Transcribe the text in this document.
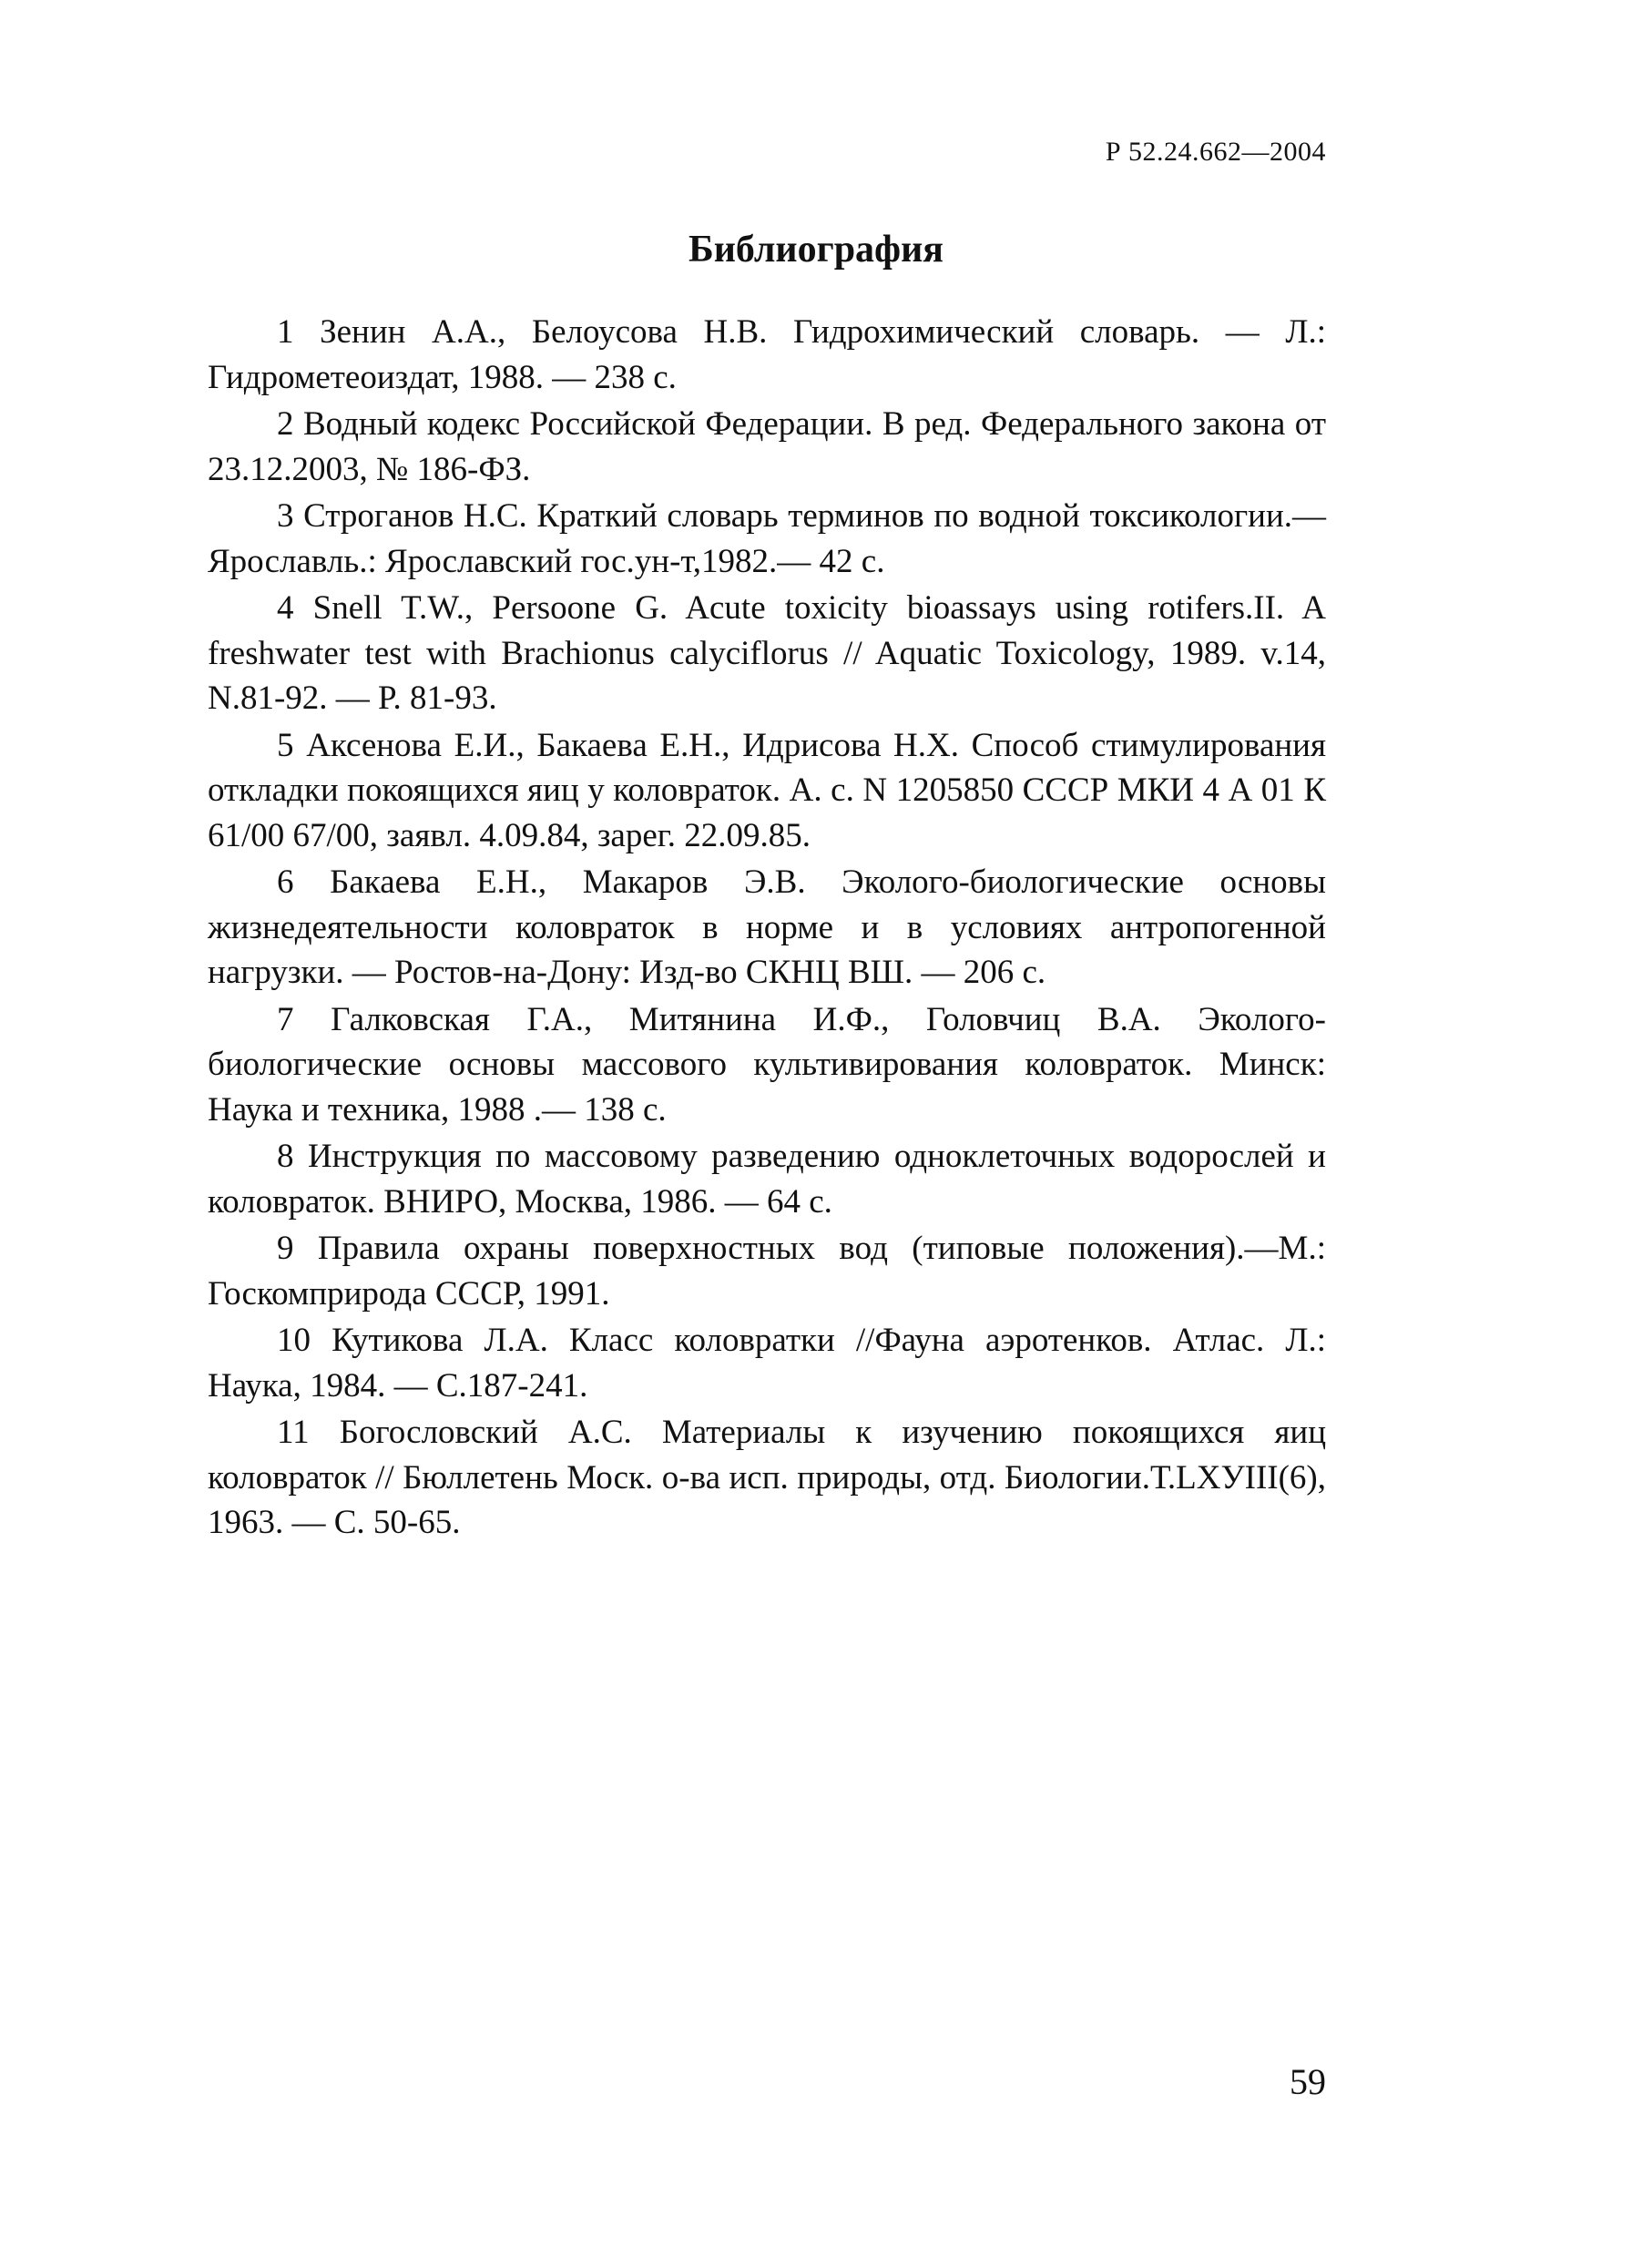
Р 52.24.662—2004
Библиография

1 Зенин А.А., Белоусова Н.В. Гидрохимический словарь. — Л.: Гидрометеоиздат, 1988. — 238 с.

2 Водный кодекс Российской Федерации. В ред. Федерального закона от 23.12.2003, № 186-ФЗ.

3 Строганов Н.С. Краткий словарь терминов по водной токсикологии.— Ярославль.: Ярославский гос.ун-т,1982.— 42 с.

4 Snell T.W., Persoone G. Acute toxicity bioassays using rotifers.II. A freshwater test with Brachionus calyciflorus // Aquatic Toxicology, 1989. v.14, N.81-92. — P. 81-93.

5 Аксенова Е.И., Бакаева Е.Н., Идрисова Н.Х. Способ стимулирования откладки покоящихся яиц у коловраток. А. с. N 1205850 СССР МКИ 4 А 01 К 61/00 67/00, заявл. 4.09.84, зарег. 22.09.85.

6 Бакаева Е.Н., Макаров Э.В. Эколого-биологические основы жизнедеятельности коловраток в норме и в условиях антропогенной нагрузки. — Ростов-на-Дону: Изд-во СКНЦ ВШ. — 206 с.

7 Галковская Г.А., Митянина И.Ф., Головчиц В.А. Эколого-биологические основы массового культивирования коловраток. Минск: Наука и техника, 1988 .— 138 с.

8 Инструкция по массовому разведению одноклеточных водорослей и коловраток. ВНИРО, Москва, 1986. — 64 с.

9 Правила охраны поверхностных вод (типовые положения).—М.: Госкомприрода СССР, 1991.

10 Кутикова Л.А. Класс коловратки //Фауна аэротенков. Атлас. Л.: Наука, 1984. — С.187-241.

11 Богословский А.С. Материалы к изучению покоящихся яиц коловраток // Бюллетень Моск. о-ва исп. природы, отд. Биологии.Т.LXУIII(6), 1963. — С. 50-65.

59
